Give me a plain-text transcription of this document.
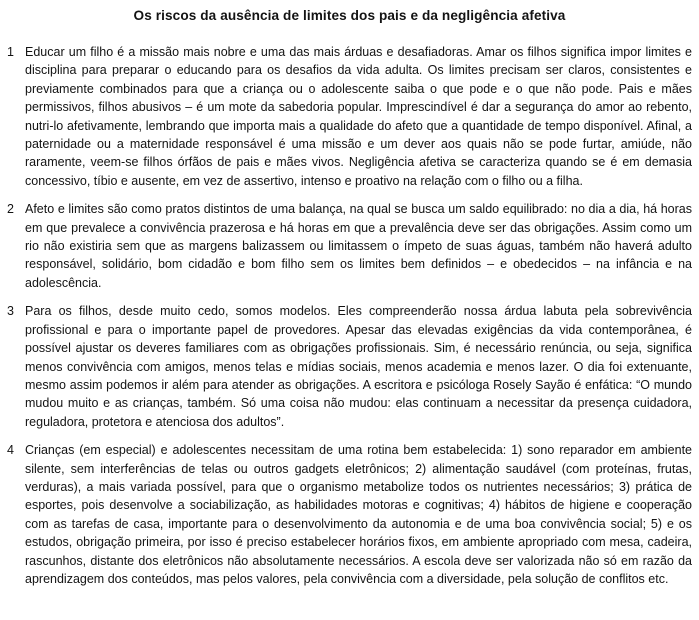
Os riscos da ausência de limites dos pais e da negligência afetiva
1 Educar um filho é a missão mais nobre e uma das mais árduas e desafiadoras. Amar os filhos significa impor limites e disciplina para preparar o educando para os desafios da vida adulta. Os limites precisam ser claros, consistentes e previamente combinados para que a criança ou o adolescente saiba o que pode e o que não pode. Pais e mães permissivos, filhos abusivos – é um mote da sabedoria popular. Imprescindível é dar a segurança do amor ao rebento, nutri-lo afetivamente, lembrando que importa mais a qualidade do afeto que a quantidade de tempo disponível. Afinal, a paternidade ou a maternidade responsável é uma missão e um dever aos quais não se pode furtar, amiúde, não raramente, veem-se filhos órfãos de pais e mães vivos. Negligência afetiva se caracteriza quando se é em demasia concessivo, tíbio e ausente, em vez de assertivo, intenso e proativo na relação com o filho ou a filha.

2 Afeto e limites são como pratos distintos de uma balança, na qual se busca um saldo equilibrado: no dia a dia, há horas em que prevalece a convivência prazerosa e há horas em que a prevalência deve ser das obrigações. Assim como um rio não existiria sem que as margens balizassem ou limitassem o ímpeto de suas águas, também não haverá adulto responsável, solidário, bom cidadão e bom filho sem os limites bem definidos – e obedecidos – na infância e na adolescência.

3 Para os filhos, desde muito cedo, somos modelos. Eles compreenderão nossa árdua labuta pela sobrevivência profissional e para o importante papel de provedores. Apesar das elevadas exigências da vida contemporânea, é possível ajustar os deveres familiares com as obrigações profissionais. Sim, é necessário renúncia, ou seja, significa menos convivência com amigos, menos telas e mídias sociais, menos academia e menos lazer. O dia foi extenuante, mesmo assim podemos ir além para atender as obrigações. A escritora e psicóloga Rosely Sayão é enfática: “O mundo mudou muito e as crianças, também. Só uma coisa não mudou: elas continuam a necessitar da presença cuidadora, reguladora, protetora e atenciosa dos adultos”.

4 Crianças (em especial) e adolescentes necessitam de uma rotina bem estabelecida: 1) sono reparador em ambiente silente, sem interferências de telas ou outros gadgets eletrônicos; 2) alimentação saudável (com proteínas, frutas, verduras), a mais variada possível, para que o organismo metabolize todos os nutrientes necessários; 3) prática de esportes, pois desenvolve a sociabilização, as habilidades motoras e cognitivas; 4) hábitos de higiene e cooperação com as tarefas de casa, importante para o desenvolvimento da autonomia e de uma boa convivência social; 5) e os estudos, obrigação primeira, por isso é preciso estabelecer horários fixos, em ambiente apropriado com mesa, cadeira, rascunhos, distante dos eletrônicos não absolutamente necessários. A escola deve ser valorizada não só em razão da aprendizagem dos conteúdos, mas pelos valores, pela convivência com a diversidade, pela solução de conflitos etc.
